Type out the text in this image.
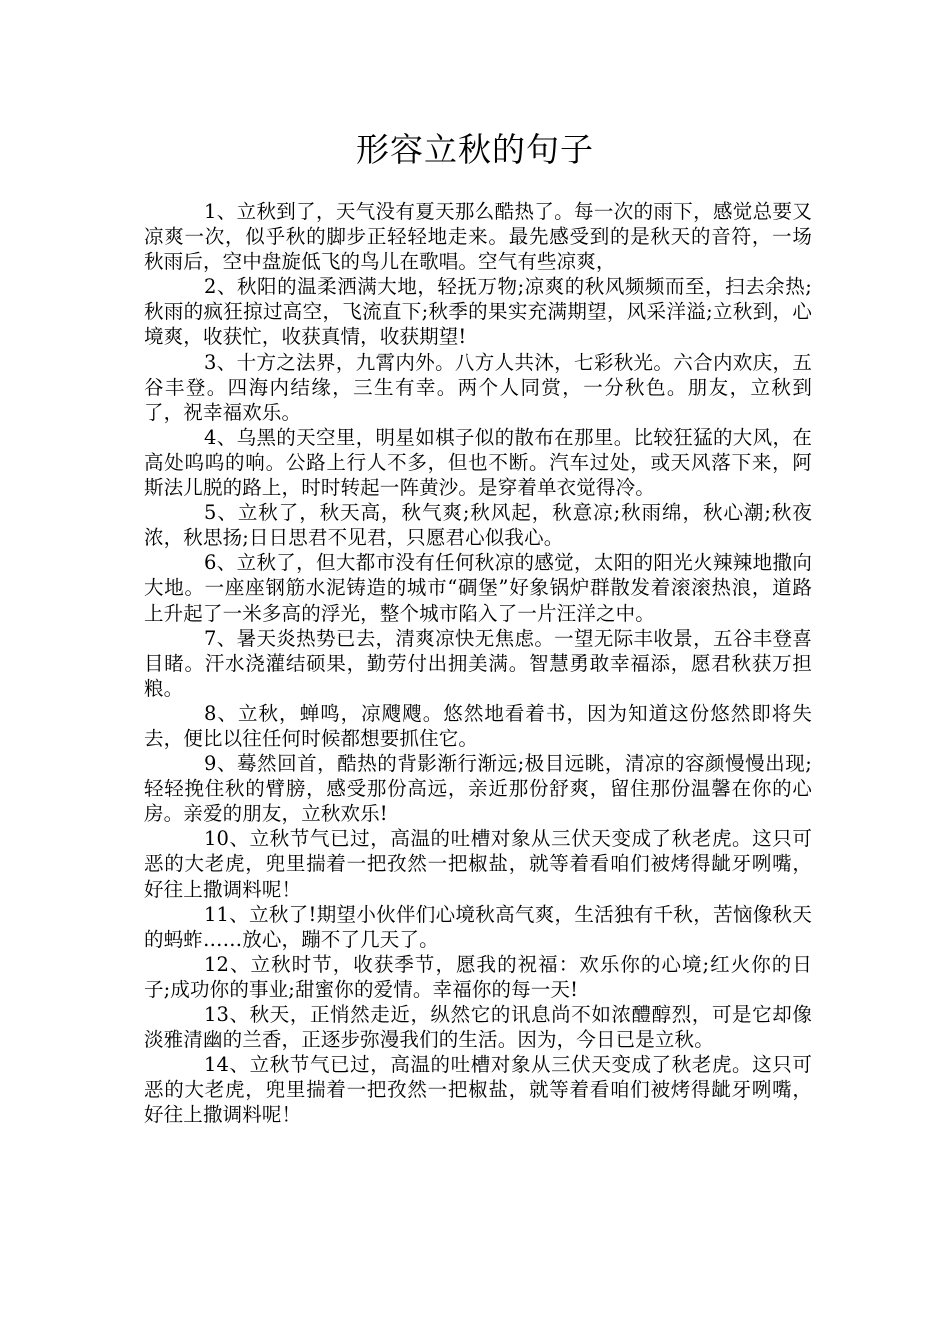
形容立秋的句子

1、立秋到了，天气没有夏天那么酷热了。每一次的雨下，感觉总要又凉爽一次，似乎秋的脚步正轻轻地走来。最先感受到的是秋天的音符，一场秋雨后，空中盘旋低飞的鸟儿在歌唱。空气有些凉爽，

2、秋阳的温柔洒满大地，轻抚万物;凉爽的秋风频频而至，扫去余热;秋雨的疯狂掠过高空，飞流直下;秋季的果实充满期望，风采洋溢;立秋到，心境爽，收获忙，收获真情，收获期望!

3、十方之法界，九霄内外。八方人共沐，七彩秋光。六合内欢庆，五谷丰登。四海内结缘，三生有幸。两个人同赏，一分秋色。朋友，立秋到了，祝幸福欢乐。

4、乌黑的天空里，明星如棋子似的散布在那里。比较狂猛的大风，在高处呜呜的响。公路上行人不多，但也不断。汽车过处，或天风落下来，阿斯法儿脱的路上，时时转起一阵黄沙。是穿着单衣觉得冷。

5、立秋了，秋天高，秋气爽;秋风起，秋意凉;秋雨绵，秋心潮;秋夜浓，秋思扬;日日思君不见君，只愿君心似我心。

6、立秋了，但大都市没有任何秋凉的感觉，太阳的阳光火辣辣地撒向大地。一座座钢筋水泥铸造的城市“碉堡”好象锅炉群散发着滚滚热浪，道路上升起了一米多高的浮光，整个城市陷入了一片汪洋之中。

7、暑天炎热势已去，清爽凉快无焦虑。一望无际丰收景，五谷丰登喜目睹。汗水浇灌结硕果，勤劳付出拥美满。智慧勇敢幸福添，愿君秋获万担粮。

8、立秋，蝉鸣，凉飕飕。悠然地看着书，因为知道这份悠然即将失去，便比以往任何时候都想要抓住它。

9、蓦然回首，酷热的背影渐行渐远;极目远眺，清凉的容颜慢慢出现;轻轻挽住秋的臂膀，感受那份高远，亲近那份舒爽，留住那份温馨在你的心房。亲爱的朋友，立秋欢乐!

10、立秋节气已过，高温的吐槽对象从三伏天变成了秋老虎。这只可恶的大老虎，兜里揣着一把孜然一把椒盐，就等着看咱们被烤得龇牙咧嘴，好往上撒调料呢！

11、立秋了!期望小伙伴们心境秋高气爽，生活独有千秋，苦恼像秋天的蚂蚱……放心，蹦不了几天了。

12、立秋时节，收获季节，愿我的祝福：欢乐你的心境;红火你的日子;成功你的事业;甜蜜你的爱情。幸福你的每一天!

13、秋天，正悄然走近，纵然它的讯息尚不如浓醴醇烈，可是它却像淡雅清幽的兰香，正逐步弥漫我们的生活。因为，今日已是立秋。

14、立秋节气已过，高温的吐槽对象从三伏天变成了秋老虎。这只可恶的大老虎，兜里揣着一把孜然一把椒盐，就等着看咱们被烤得龇牙咧嘴，好往上撒调料呢！
